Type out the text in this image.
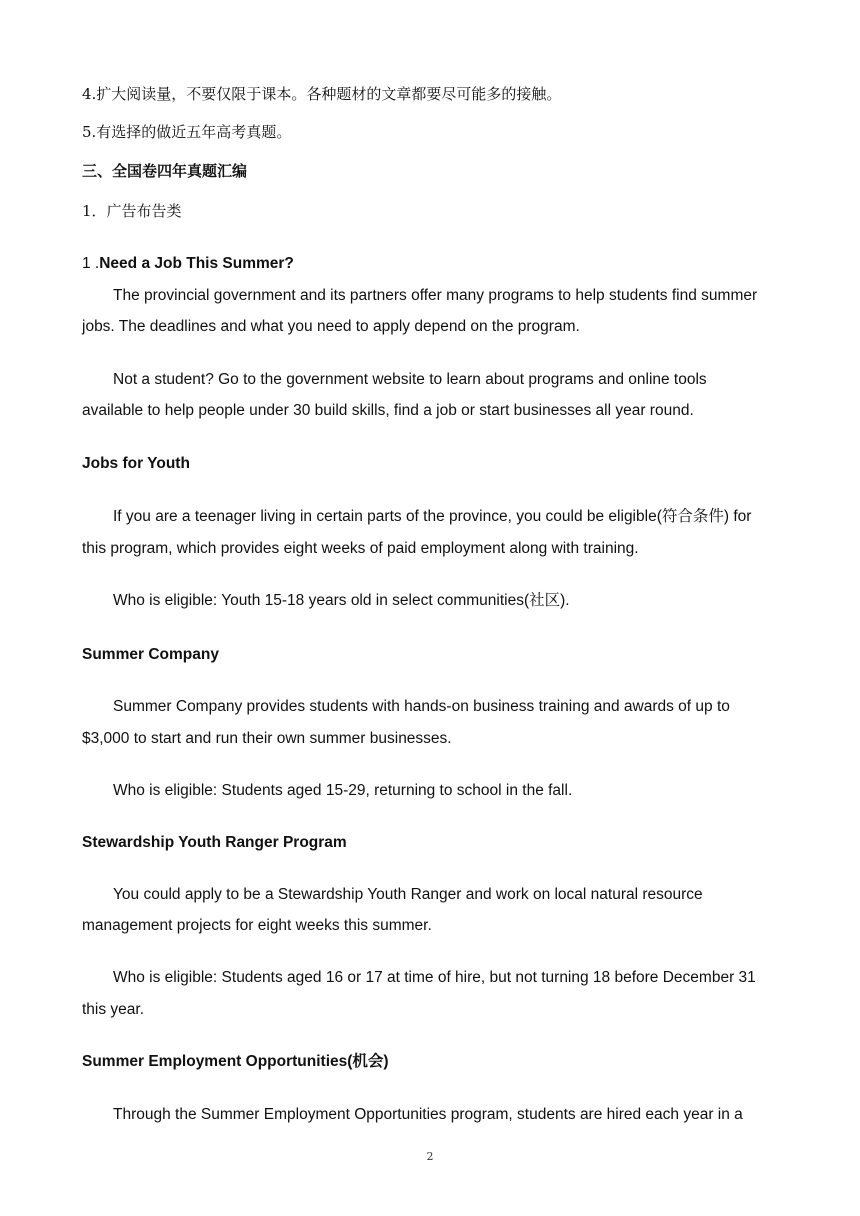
4.扩大阅读量，不要仅限于课本。各种题材的文章都要尽可能多的接触。
5.有选择的做近五年高考真题。
三、全国卷四年真题汇编
1．广告布告类
1 .Need a Job This Summer?
The provincial government and its partners offer many programs to help students find summer
jobs. The deadlines and what you need to apply depend on the program.
Not a student? Go to the government website to learn about programs and online tools
available to help people under 30 build skills, find a job or start businesses all year round.
Jobs for Youth
If you are a teenager living in certain parts of the province, you could be eligible(符合条件) for
this program, which provides eight weeks of paid employment along with training.
Who is eligible: Youth 15-18 years old in select communities(社区).
Summer Company
Summer Company provides students with hands-on business training and awards of up to
$3,000 to start and run their own summer businesses.
Who is eligible: Students aged 15-29, returning to school in the fall.
Stewardship Youth Ranger Program
You could apply to be a Stewardship Youth Ranger and work on local natural resource
management projects for eight weeks this summer.
Who is eligible: Students aged 16 or 17 at time of hire, but not turning 18 before December 31
this year.
Summer Employment Opportunities(机会)
Through the Summer Employment Opportunities program, students are hired each year in a
2
